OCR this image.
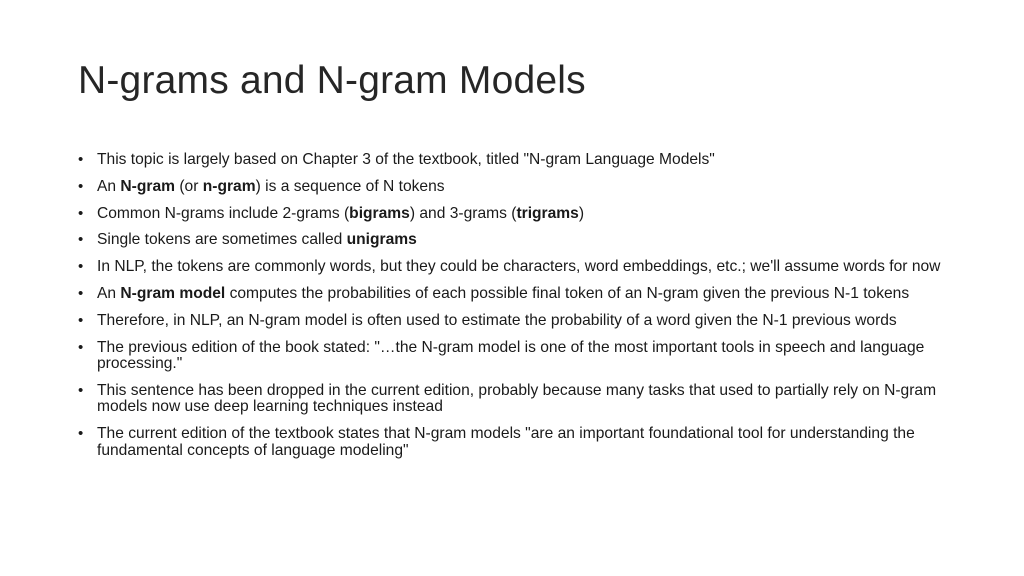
N-grams and N-gram Models
• This topic is largely based on Chapter 3 of the textbook, titled "N-gram Language Models"
• An N-gram (or n-gram) is a sequence of N tokens
• Common N-grams include 2-grams (bigrams) and 3-grams (trigrams)
• Single tokens are sometimes called unigrams
• In NLP, the tokens are commonly words, but they could be characters, word embeddings, etc.; we'll assume words for now
• An N-gram model computes the probabilities of each possible final token of an N-gram given the previous N-1 tokens
• Therefore, in NLP, an N-gram model is often used to estimate the probability of a word given the N-1 previous words
• The previous edition of the book stated: "…the N-gram model is one of the most important tools in speech and language processing."
• This sentence has been dropped in the current edition, probably because many tasks that used to partially rely on N-gram models now use deep learning techniques instead
• The current edition of the textbook states that N-gram models "are an important foundational tool for understanding the fundamental concepts of language modeling"
